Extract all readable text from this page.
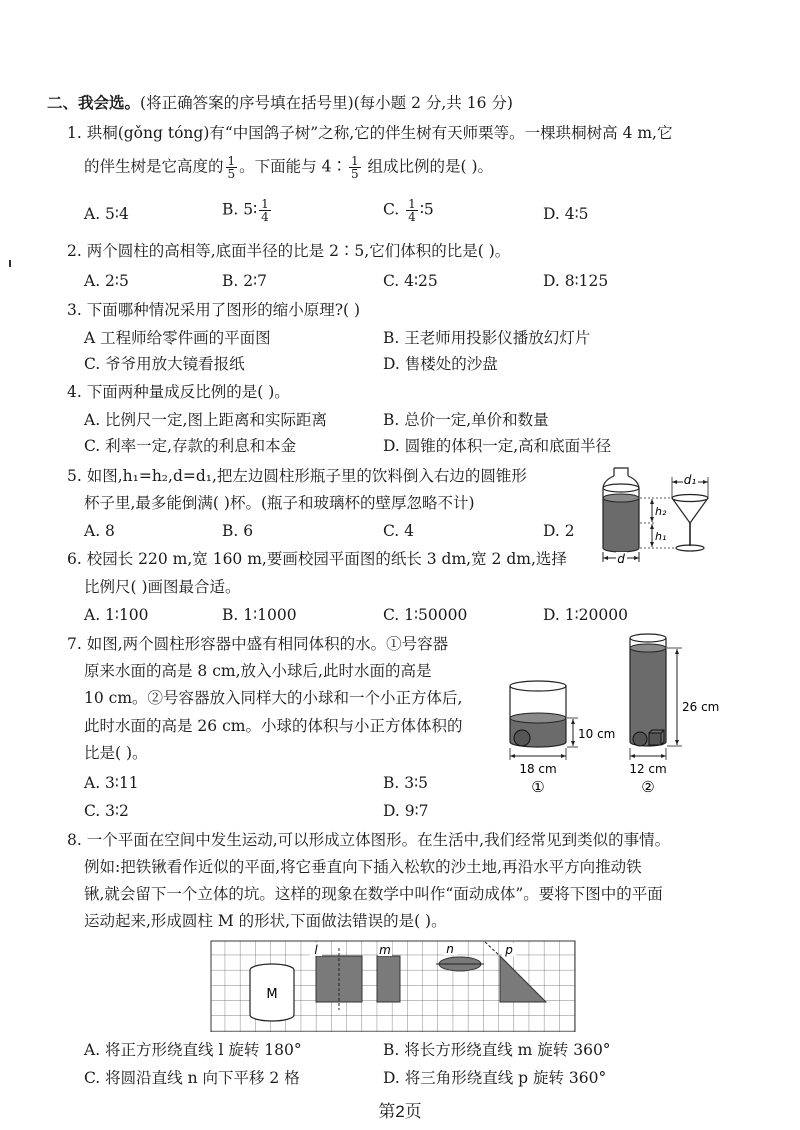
二、我会选。(将正确答案的序号填在括号里)(每小题 2 分,共 16 分)
1. 珙桐(gǒng tóng)有“中国鸽子树”之称,它的伴生树有天师栗等。一棵珙桐树高 4 m,它
的伴生树是它高度的 $\frac{1}{5}$ 。下面能与 4∶ $\frac{1}{5}$ 组成比例的是( )。
A. 5∶4	B. 5∶ $\frac{1}{4}$	C. $\frac{1}{4}$ ∶5	D. 4∶5
2. 两个圆柱的高相等,底面半径的比是 2∶5,它们体积的比是( )。
A. 2∶5	B. 2∶7	C. 4∶25	D. 8∶125
3. 下面哪种情况采用了图形的缩小原理?( )
A 工程师给零件画的平面图	B. 王老师用投影仪播放幻灯片
C. 爷爷用放大镜看报纸	D. 售楼处的沙盘
4. 下面两种量成反比例的是( )。
A. 比例尺一定,图上距离和实际距离	B. 总价一定,单价和数量
C. 利率一定,存款的利息和本金	D. 圆锥的体积一定,高和底面半径
5. 如图,h₁=h₂,d=d₁,把左边圆柱形瓶子里的饮料倒入右边的圆锥形
杯子里,最多能倒满( )杯。(瓶子和玻璃杯的壁厚忽略不计)
A. 8	B. 6	C. 4	D. 2
d
h₂
h₁
d₁
6. 校园长 220 m,宽 160 m,要画校园平面图的纸长 3 dm,宽 2 dm,选择
比例尺( )画图最合适。
A. 1∶100	B. 1∶1000	C. 1∶50000	D. 1∶20000
7. 如图,两个圆柱形容器中盛有相同体积的水。①号容器
原来水面的高是 8 cm,放入小球后,此时水面的高是
10 cm。②号容器放入同样大的小球和一个小正方体后,
此时水面的高是 26 cm。小球的体积与小正方体体积的
比是( )。
A. 3∶11	B. 3∶5
C. 3∶2	D. 9∶7
10 cm
18 cm
①
26 cm
12 cm
②
8. 一个平面在空间中发生运动,可以形成立体图形。在生活中,我们经常见到类似的事情。
例如:把铁锹看作近似的平面,将它垂直向下插入松软的沙土地,再沿水平方向推动铁
锹,就会留下一个立体的坑。这样的现象在数学中叫作“面动成体”。要将下图中的平面
运动起来,形成圆柱 M 的形状,下面做法错误的是( )。
M
l	m	n	p
A. 将正方形绕直线 l 旋转 180°	B. 将长方形绕直线 m 旋转 360°
C. 将圆沿直线 n 向下平移 2 格	D. 将三角形绕直线 p 旋转 360°
第2页
